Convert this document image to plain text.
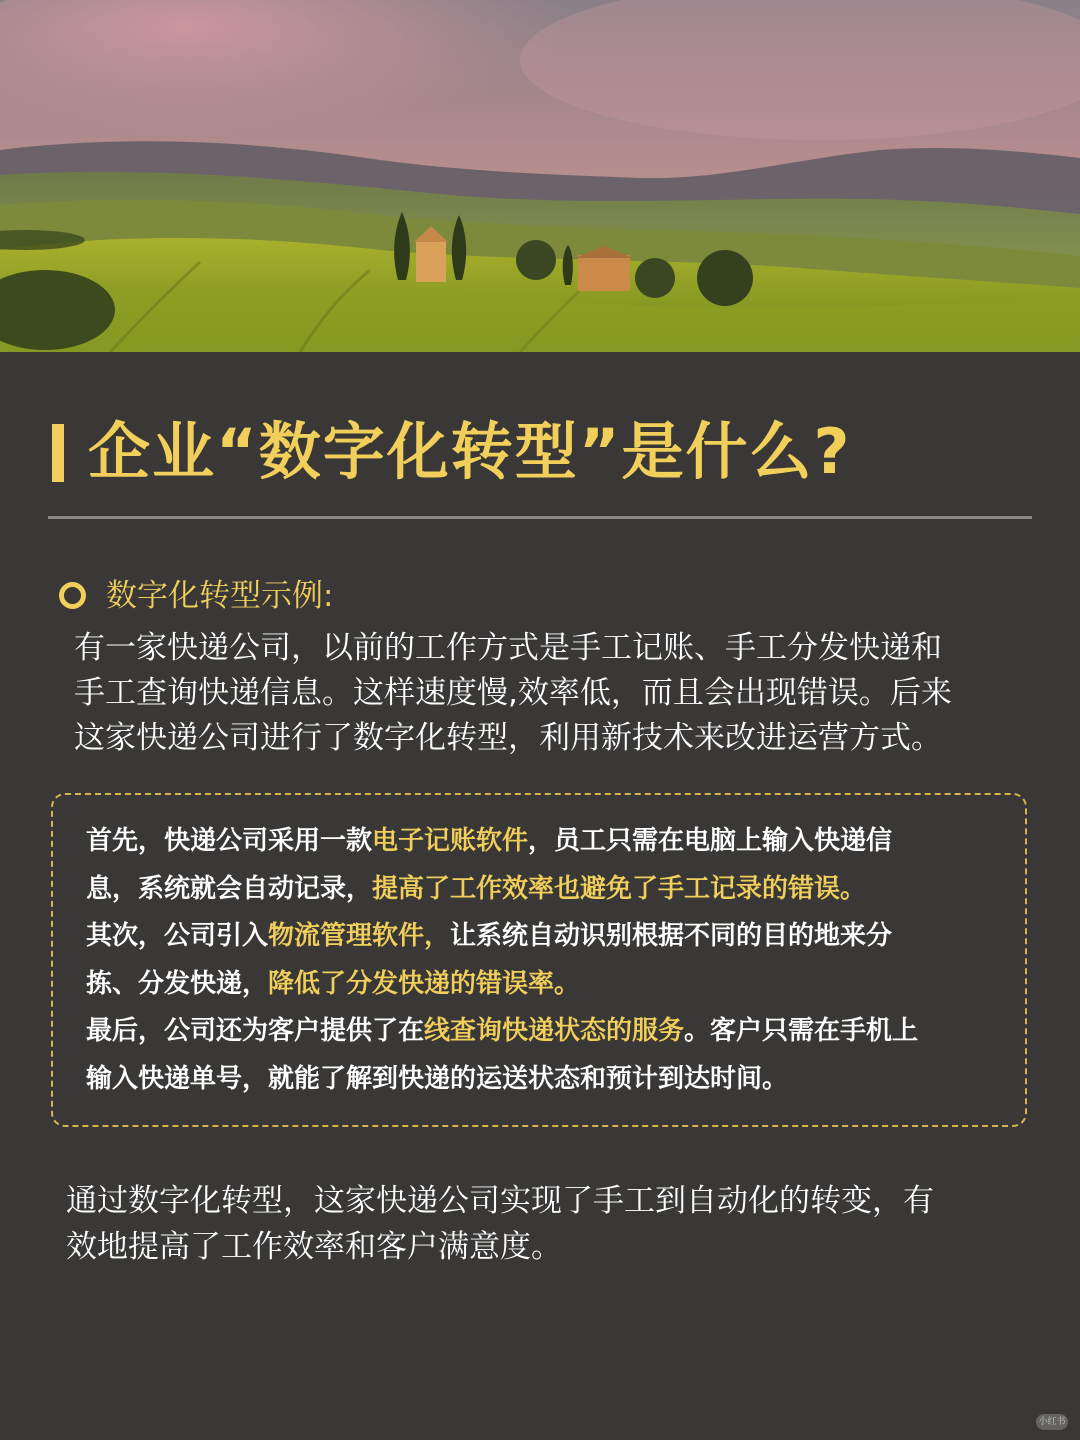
企业“数字化转型”是什么?
数字化转型示例:

有一家快递公司，以前的工作方式是手工记账、手工分发快递和

手工查询快递信息。这样速度慢,效率低，而且会出现错误。后来

这家快递公司进行了数字化转型，利用新技术来改进运营方式。

首先，快递公司采用一款电子记账软件，员工只需在电脑上输入快递信

息，系统就会自动记录，提高了工作效率也避免了手工记录的错误。

其次，公司引入物流管理软件，让系统自动识别根据不同的目的地来分

拣、分发快递，降低了分发快递的错误率。

最后，公司还为客户提供了在线查询快递状态的服务。客户只需在手机上

输入快递单号，就能了解到快递的运送状态和预计到达时间。

通过数字化转型，这家快递公司实现了手工到自动化的转变，有

效地提高了工作效率和客户满意度。

小红书
